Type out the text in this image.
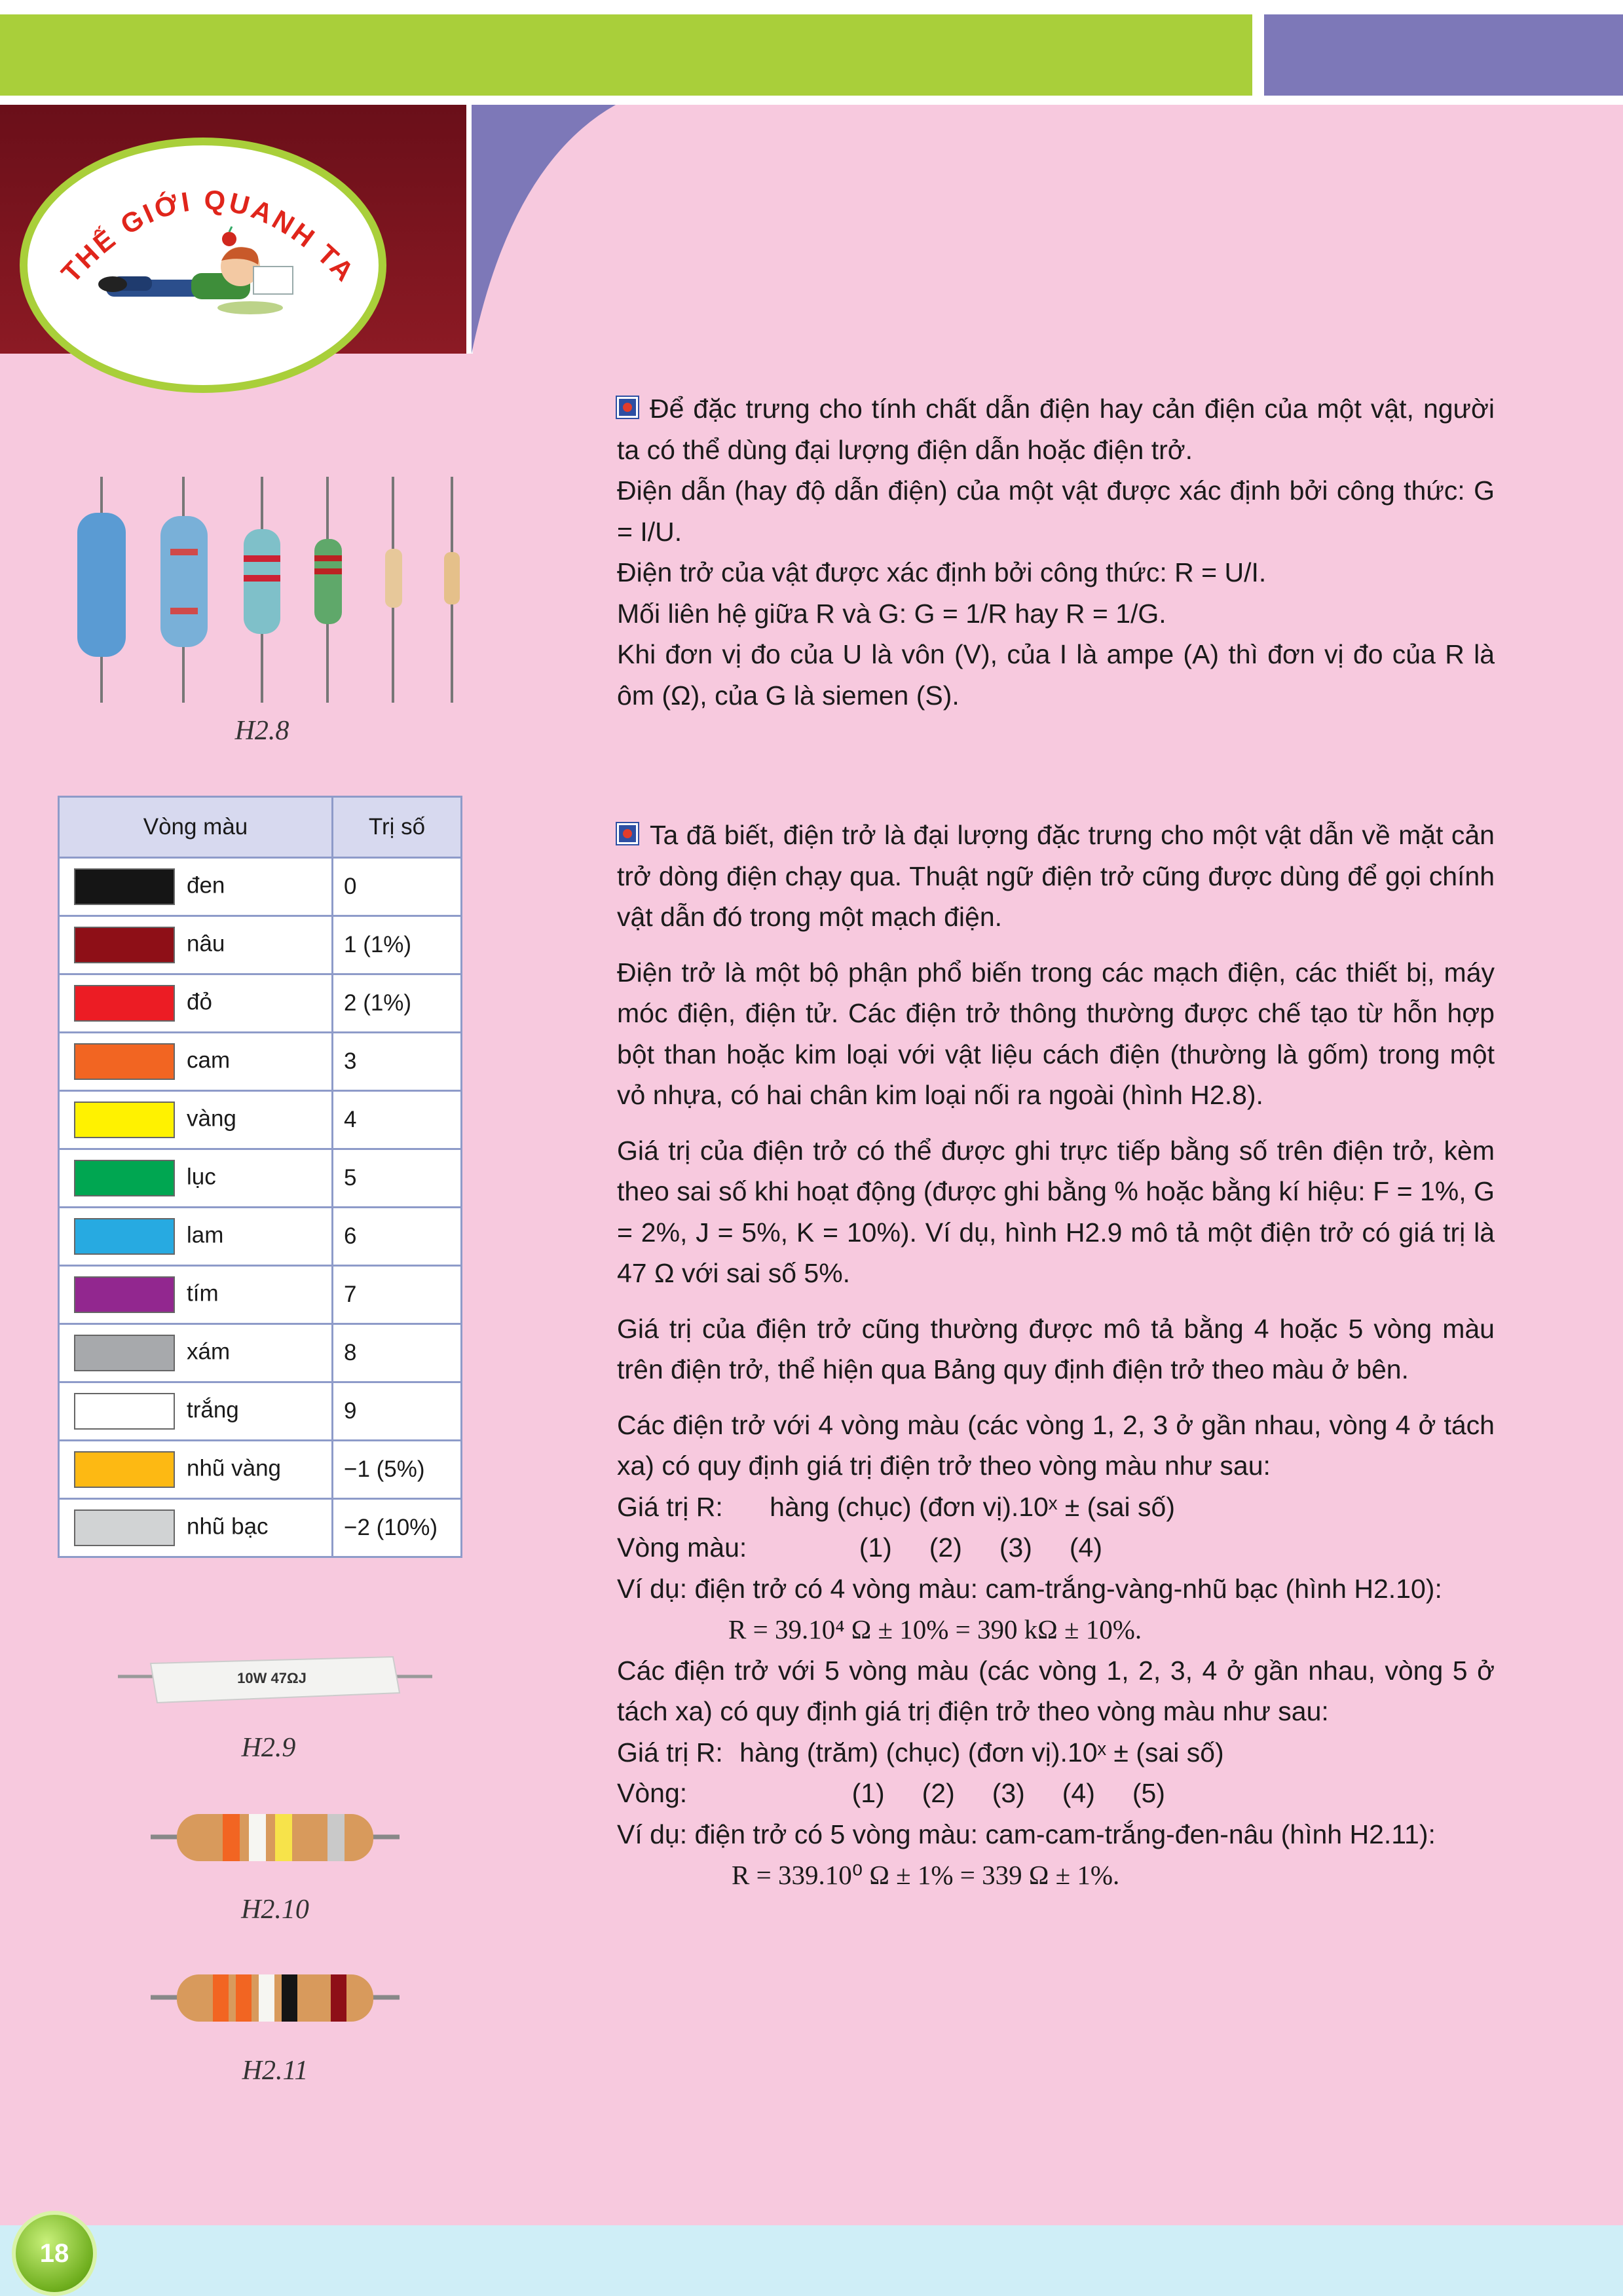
THẾ GIỚI QUANH TA
H2.8
Vòng màu	Trị số
đen	0
nâu	1 (1%)
đỏ	2 (1%)
cam	3
vàng	4
lục	5
lam	6
tím	7
xám	8
trắng	9
nhũ vàng	−1 (5%)
nhũ bạc	−2 (10%)
10W 47ΩJ
H2.9
H2.10
H2.11

Để đặc trưng cho tính chất dẫn điện hay cản điện của một vật, người ta có thể dùng đại lượng điện dẫn hoặc điện trở.

Điện dẫn (hay độ dẫn điện) của một vật được xác định bởi công thức: G = I/U.

Điện trở của vật được xác định bởi công thức: R = U/I.

Mối liên hệ giữa R và G: G = 1/R hay R = 1/G.

Khi đơn vị đo của U là vôn (V), của I là ampe (A) thì đơn vị đo của R là ôm (Ω), của G là siemen (S).

Ta đã biết, điện trở là đại lượng đặc trưng cho một vật dẫn về mặt cản trở dòng điện chạy qua. Thuật ngữ điện trở cũng được dùng để gọi chính vật dẫn đó trong một mạch điện.

Điện trở là một bộ phận phổ biến trong các mạch điện, các thiết bị, máy móc điện, điện tử. Các điện trở thông thường được chế tạo từ hỗn hợp bột than hoặc kim loại với vật liệu cách điện (thường là gốm) trong một vỏ nhựa, có hai chân kim loại nối ra ngoài (hình H2.8).

Giá trị của điện trở có thể được ghi trực tiếp bằng số trên điện trở, kèm theo sai số khi hoạt động (được ghi bằng % hoặc bằng kí hiệu: F = 1%, G = 2%, J = 5%, K = 10%). Ví dụ, hình H2.9 mô tả một điện trở có giá trị là 47 Ω với sai số 5%.

Giá trị của điện trở cũng thường được mô tả bằng 4 hoặc 5 vòng màu trên điện trở, thể hiện qua Bảng quy định điện trở theo màu ở bên.

Các điện trở với 4 vòng màu (các vòng 1, 2, 3 ở gần nhau, vòng 4 ở tách xa) có quy định giá trị điện trở theo vòng màu như sau:

Giá trị R: hàng (chục) (đơn vị).10ˣ ± (sai số)

Vòng màu:	(1)     (2)     (3)     (4)

Ví dụ: điện trở có 4 vòng màu: cam-trắng-vàng-nhũ bạc (hình H2.10):

R = 39.10⁴ Ω ± 10% = 390 kΩ ± 10%.

Các điện trở với 5 vòng màu (các vòng 1, 2, 3, 4 ở gần nhau, vòng 5 ở tách xa) có quy định giá trị điện trở theo vòng màu như sau:

Giá trị R: hàng (trăm) (chục) (đơn vị).10ˣ ± (sai số)

Vòng:	(1)     (2)     (3)     (4)     (5)

Ví dụ: điện trở có 5 vòng màu: cam-cam-trắng-đen-nâu (hình H2.11):

R = 339.10⁰ Ω ± 1% = 339 Ω ± 1%.

18
